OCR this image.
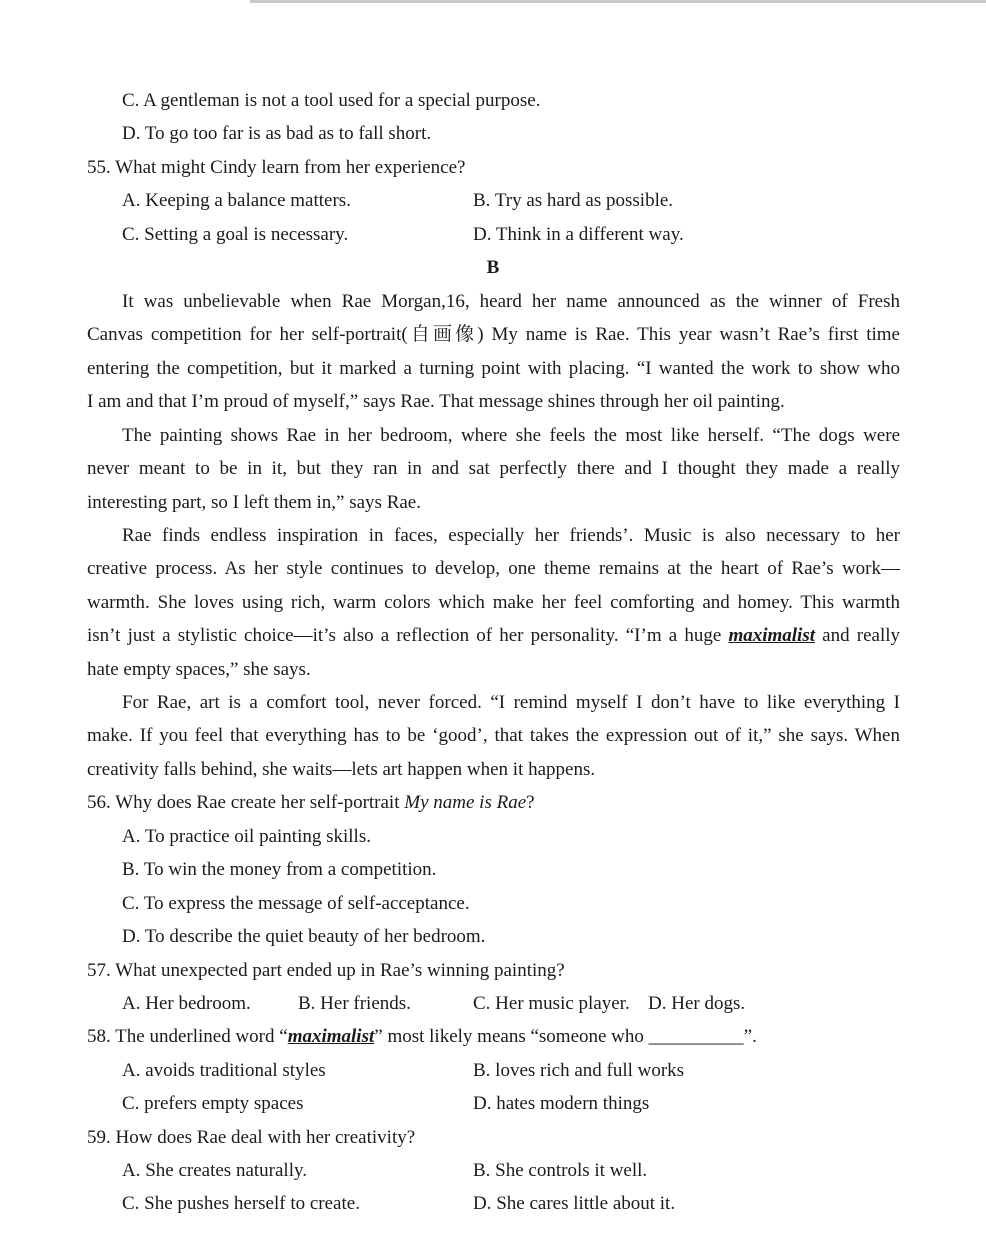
C. A gentleman is not a tool used for a special purpose.
D. To go too far is as bad as to fall short.
55. What might Cindy learn from her experience?
A. Keeping a balance matters.	B. Try as hard as possible.
C. Setting a goal is necessary.	D. Think in a different way.
B
It was unbelievable when Rae Morgan,16, heard her name announced as the winner of Fresh
Canvas competition for her self-portrait(自画像) My name is Rae. This year wasn’t Rae’s first time
entering the competition, but it marked a turning point with placing. “I wanted the work to show who
I am and that I’m proud of myself,” says Rae. That message shines through her oil painting.
The painting shows Rae in her bedroom, where she feels the most like herself. “The dogs were
never meant to be in it, but they ran in and sat perfectly there and I thought they made a really
interesting part, so I left them in,” says Rae.
Rae finds endless inspiration in faces, especially her friends’. Music is also necessary to her
creative process. As her style continues to develop, one theme remains at the heart of Rae’s work—
warmth. She loves using rich, warm colors which make her feel comforting and homey. This warmth
isn’t just a stylistic choice—it’s also a reflection of her personality. “I’m a huge maximalist and really
hate empty spaces,” she says.
For Rae, art is a comfort tool, never forced. “I remind myself I don’t have to like everything I
make. If you feel that everything has to be ‘good’, that takes the expression out of it,” she says. When
creativity falls behind, she waits—lets art happen when it happens.
56. Why does Rae create her self-portrait My name is Rae?
A. To practice oil painting skills.
B. To win the money from a competition.
C. To express the message of self-acceptance.
D. To describe the quiet beauty of her bedroom.
57. What unexpected part ended up in Rae’s winning painting?
A. Her bedroom. B. Her friends.	C. Her music player. D. Her dogs.
58. The underlined word “maximalist” most likely means “someone who __________”.
A. avoids traditional styles	B. loves rich and full works
C. prefers empty spaces	D. hates modern things
59. How does Rae deal with her creativity?
A. She creates naturally.	B. She controls it well.
C. She pushes herself to create.	D. She cares little about it.
